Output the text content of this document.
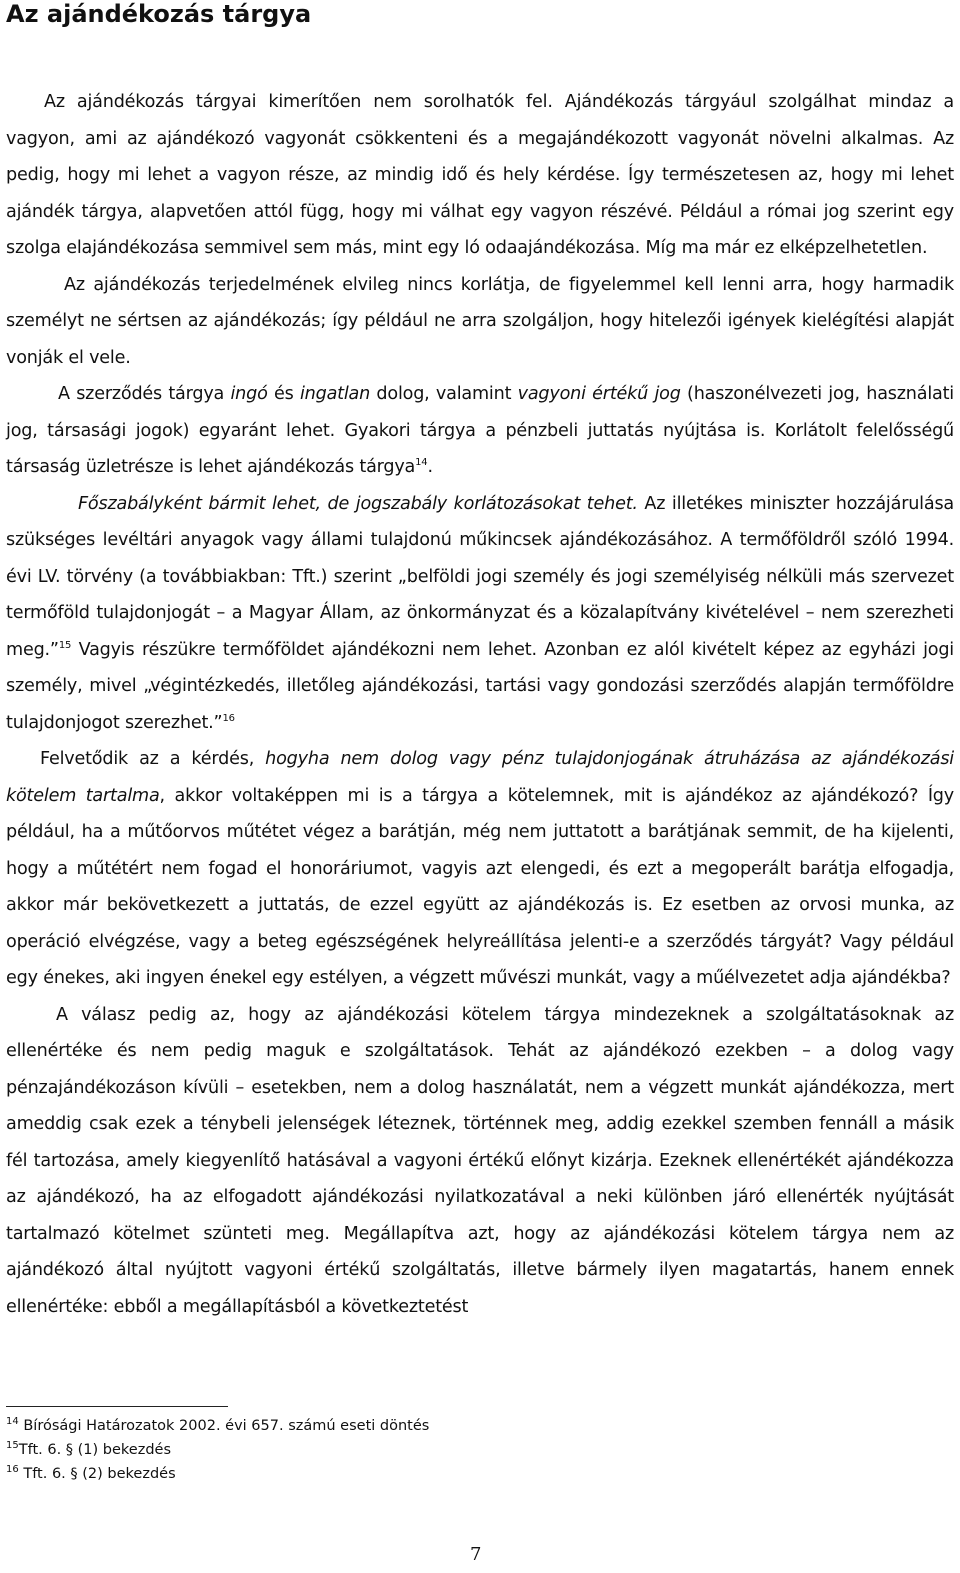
Az ajándékozás tárgya

Az ajándékozás tárgyai kimerítően nem sorolhatók fel. Ajándékozás tárgyául szolgálhat mindaz a vagyon, ami az ajándékozó vagyonát csökkenteni és a megajándékozott vagyonát növelni alkalmas. Az pedig, hogy mi lehet a vagyon része, az mindig idő és hely kérdése. Így természetesen az, hogy mi lehet ajándék tárgya, alapvetően attól függ, hogy mi válhat egy vagyon részévé. Például a római jog szerint egy szolga elajándékozása semmivel sem más, mint egy ló odaajándékozása. Míg ma már ez elképzelhetetlen.

Az ajándékozás terjedelmének elvileg nincs korlátja, de figyelemmel kell lenni arra, hogy harmadik személyt ne sértsen az ajándékozás; így például ne arra szolgáljon, hogy hitelezői igények kielégítési alapját vonják el vele.

A szerződés tárgya ingó és ingatlan dolog, valamint vagyoni értékű jog (haszonélvezeti jog, használati jog, társasági jogok) egyaránt lehet. Gyakori tárgya a pénzbeli juttatás nyújtása is. Korlátolt felelősségű társaság üzletrésze is lehet ajándékozás tárgya$^{14}$.

Főszabályként bármit lehet, de jogszabály korlátozásokat tehet. Az illetékes miniszter hozzájárulása szükséges levéltári anyagok vagy állami tulajdonú műkincsek ajándékozásához. A termőföldről szóló 1994. évi LV. törvény (a továbbiakban: Tft.) szerint „belföldi jogi személy és jogi személyiség nélküli más szervezet termőföld tulajdonjogát – a Magyar Állam, az önkormányzat és a közalapítvány kivételével – nem szerezheti meg.”$^{15}$ Vagyis részükre termőföldet ajándékozni nem lehet. Azonban ez alól kivételt képez az egyházi jogi személy, mivel „végintézkedés, illetőleg ajándékozási, tartási vagy gondozási szerződés alapján termőföldre tulajdonjogot szerezhet.”$^{16}$

Felvetődik az a kérdés, hogyha nem dolog vagy pénz tulajdonjogának átruházása az ajándékozási kötelem tartalma, akkor voltaképpen mi is a tárgya a kötelemnek, mit is ajándékoz az ajándékozó? Így például, ha a műtőorvos műtétet végez a barátján, még nem juttatott a barátjának semmit, de ha kijelenti, hogy a műtétért nem fogad el honoráriumot, vagyis azt elengedi, és ezt a megoperált barátja elfogadja, akkor már bekövetkezett a juttatás, de ezzel együtt az ajándékozás is. Ez esetben az orvosi munka, az operáció elvégzése, vagy a beteg egészségének helyreállítása jelenti-e a szerződés tárgyát? Vagy például egy énekes, aki ingyen énekel egy estélyen, a végzett művészi munkát, vagy a műélvezetet adja ajándékba?

A válasz pedig az, hogy az ajándékozási kötelem tárgya mindezeknek a szolgáltatásoknak az ellenértéke és nem pedig maguk e szolgáltatások. Tehát az ajándékozó ezekben – a dolog vagy pénzajándékozáson kívüli – esetekben, nem a dolog használatát, nem a végzett munkát ajándékozza, mert ameddig csak ezek a ténybeli jelenségek léteznek, történnek meg, addig ezekkel szemben fennáll a másik fél tartozása, amely kiegyenlítő hatásával a vagyoni értékű előnyt kizárja. Ezeknek ellenértékét ajándékozza az ajándékozó, ha az elfogadott ajándékozási nyilatkozatával a neki különben járó ellenérték nyújtását tartalmazó kötelmet szünteti meg. Megállapítva azt, hogy az ajándékozási kötelem tárgya nem az ajándékozó által nyújtott vagyoni értékű szolgáltatás, illetve bármely ilyen magatartás, hanem ennek ellenértéke: ebből a megállapításból a következtetést

$^{14}$ Bírósági Határozatok 2002. évi 657. számú eseti döntés
$^{15}$Tft. 6. § (1) bekezdés
$^{16}$ Tft. 6. § (2) bekezdés
7
